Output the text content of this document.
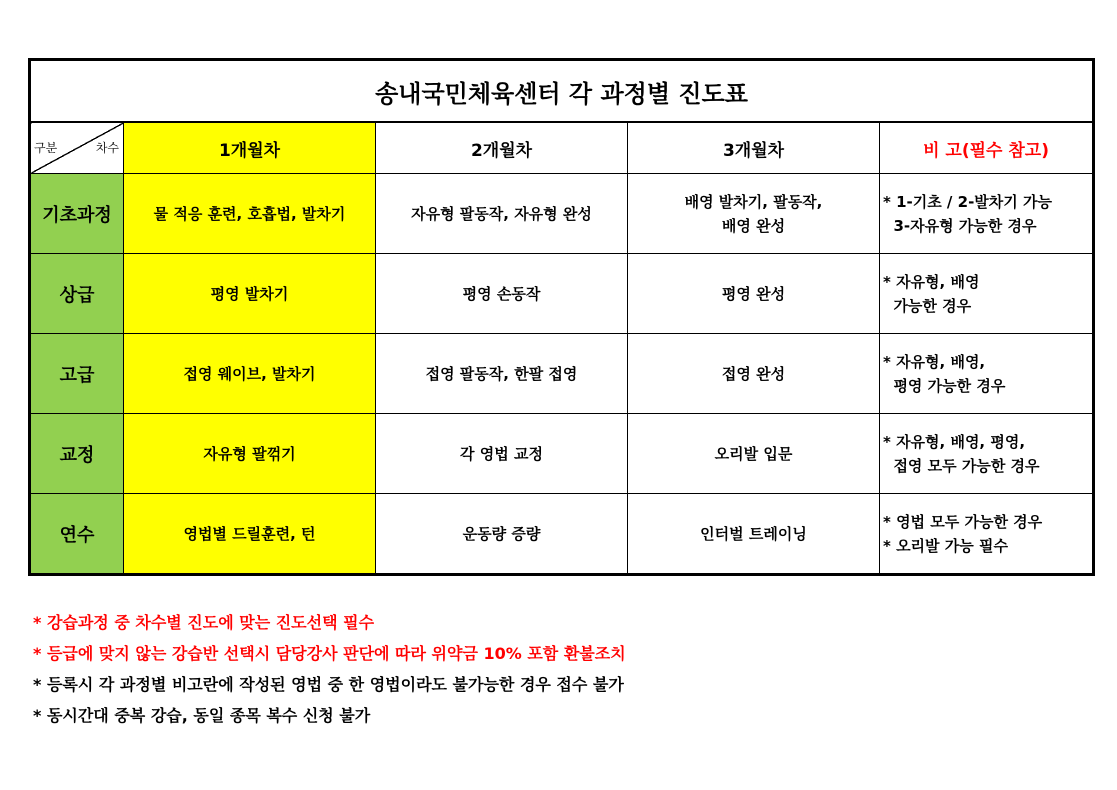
송내국민체육센터 각 과정별 진도표				

구분 차수	1개월차	2개월차	3개월차	비 고(필수 참고)
기초과정	물 적응 훈련, 호흡법, 발차기	자유형 팔동작, 자유형 완성	배영 발차기, 팔동작,
배영 완성	* 1-기초 / 2-발차기 가능
3-자유형 가능한 경우
상급	평영 발차기	평영 손동작	평영 완성	* 자유형, 배영
가능한 경우
고급	접영 웨이브, 발차기	접영 팔동작, 한팔 접영	접영 완성	* 자유형, 배영,
평영 가능한 경우
교정	자유형 팔꺾기	각 영법 교정	오리발 입문	* 자유형, 배영, 평영,
접영 모두 가능한 경우
연수	영법별 드릴훈련, 턴	운동량 증량	인터벌 트레이닝	* 영법 모두 가능한 경우
* 오리발 가능 필수
* 강습과정 중 차수별 진도에 맞는 진도선택 필수
* 등급에 맞지 않는 강습반 선택시 담당강사 판단에 따라 위약금 10% 포함 환불조치
* 등록시 각 과정별 비고란에 작성된 영법 중 한 영법이라도 불가능한 경우 접수 불가
* 동시간대 중복 강습, 동일 종목 복수 신청 불가
